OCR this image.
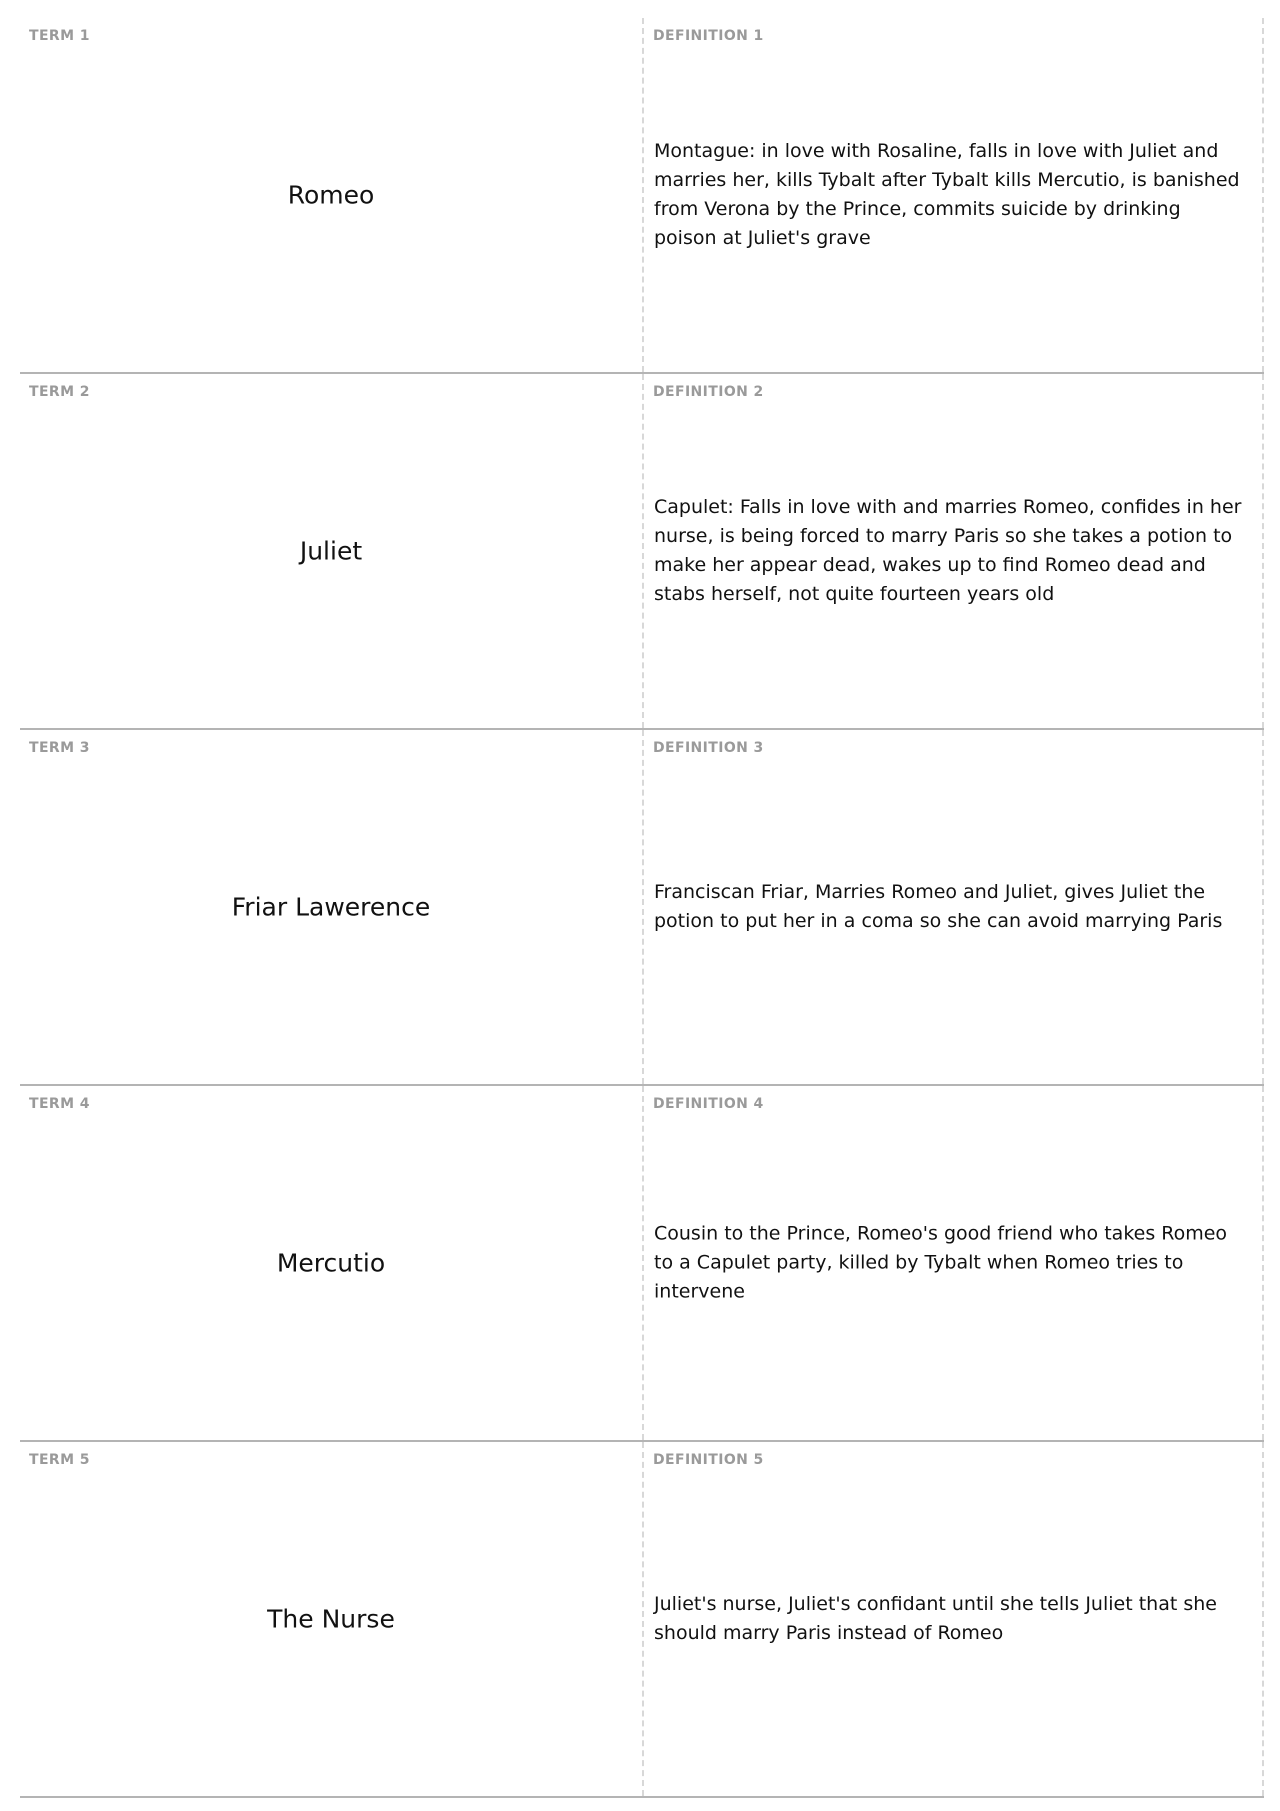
TERM 1
Romeo
DEFINITION 1
Montague: in love with Rosaline, falls in love with Juliet and marries her, kills Tybalt after Tybalt kills Mercutio, is banished from Verona by the Prince, commits suicide by drinking poison at Juliet's grave
TERM 2
Juliet
DEFINITION 2
Capulet: Falls in love with and marries Romeo, confides in her nurse, is being forced to marry Paris so she takes a potion to make her appear dead, wakes up to find Romeo dead and stabs herself, not quite fourteen years old
TERM 3
Friar Lawerence
DEFINITION 3
Franciscan Friar, Marries Romeo and Juliet, gives Juliet the potion to put her in a coma so she can avoid marrying Paris
TERM 4
Mercutio
DEFINITION 4
Cousin to the Prince, Romeo's good friend who takes Romeo to a Capulet party, killed by Tybalt when Romeo tries to intervene
TERM 5
The Nurse
DEFINITION 5
Juliet's nurse, Juliet's confidant until she tells Juliet that she should marry Paris instead of Romeo
